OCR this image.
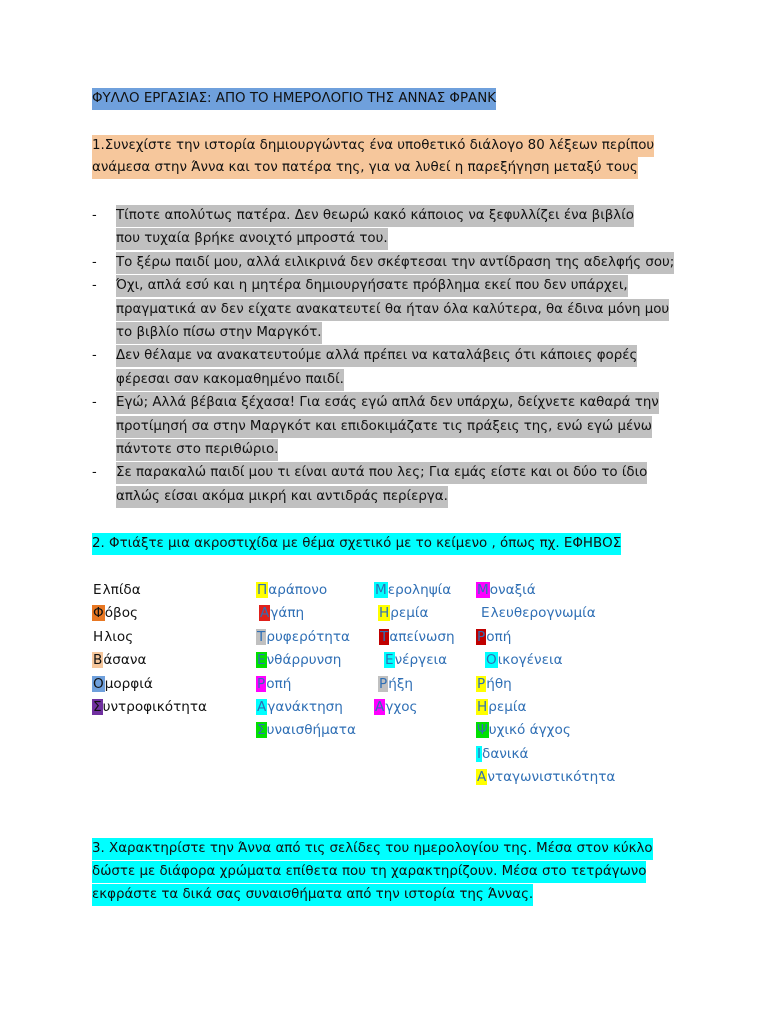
ΦΥΛΛΟ ΕΡΓΑΣΙΑΣ: ΑΠΟ ΤΟ ΗΜΕΡΟΛΟΓΙΟ ΤΗΣ ΑΝΝΑΣ ΦΡΑΝΚ
1.Συνεχίστε την ιστορία δημιουργώντας ένα υποθετικό διάλογο 80 λέξεων περίπου
ανάμεσα στην Άννα και τον πατέρα της, για να λυθεί η παρεξήγηση μεταξύ τους
- Τίποτε απολύτως πατέρα. Δεν θεωρώ κακό κάποιος να ξεφυλλίζει ένα βιβλίο
που τυχαία βρήκε ανοιχτό μπροστά του.
- Το ξέρω παιδί μου, αλλά ειλικρινά δεν σκέφτεσαι την αντίδραση της αδελφής σου;
- Όχι, απλά εσύ και η μητέρα δημιουργήσατε πρόβλημα εκεί που δεν υπάρχει,
πραγματικά αν δεν είχατε ανακατευτεί θα ήταν όλα καλύτερα, θα έδινα μόνη μου
το βιβλίο πίσω στην Μαργκότ.
- Δεν θέλαμε να ανακατευτούμε αλλά πρέπει να καταλάβεις ότι κάποιες φορές
φέρεσαι σαν κακομαθημένο παιδί.
- Εγώ; Αλλά βέβαια ξέχασα! Για εσάς εγώ απλά δεν υπάρχω, δείχνετε καθαρά την
προτίμησή σα στην Μαργκότ και επιδοκιμάζατε τις πράξεις της, ενώ εγώ μένω
πάντοτε στο περιθώριο.
- Σε παρακαλώ παιδί μου τι είναι αυτά που λες; Για εμάς είστε και οι δύο το ίδιο
απλώς είσαι ακόμα μικρή και αντιδράς περίεργα.
2. Φτιάξτε μια ακροστιχίδα με θέμα σχετικό με το κείμενο , όπως πχ. ΕΦΗΒΟΣ
Ελπίδα
Φόβος
Ηλιος
Βάσανα
Ομορφιά
Συντροφικότητα
Παράπονο
Αγάπη
Τρυφερότητα
Ενθάρρυνση
Ροπή
Αγανάκτηση
Συναισθήματα
Μεροληψία
Ηρεμία
Ταπείνωση
Ενέργεια
Ρήξη
Αγχος
Μοναξιά
Ελευθερογνωμία
Ροπή
Οικογένεια
Ρήθη
Ηρεμία
Ψυχικό άγχος
Ιδανικά
Ανταγωνιστικότητα
3. Χαρακτηρίστε την Άννα από τις σελίδες του ημερολογίου της. Μέσα στον κύκλο
δώστε με διάφορα χρώματα επίθετα που τη χαρακτηρίζουν. Μέσα στο τετράγωνο
εκφράστε τα δικά σας συναισθήματα από την ιστορία της Άννας.
